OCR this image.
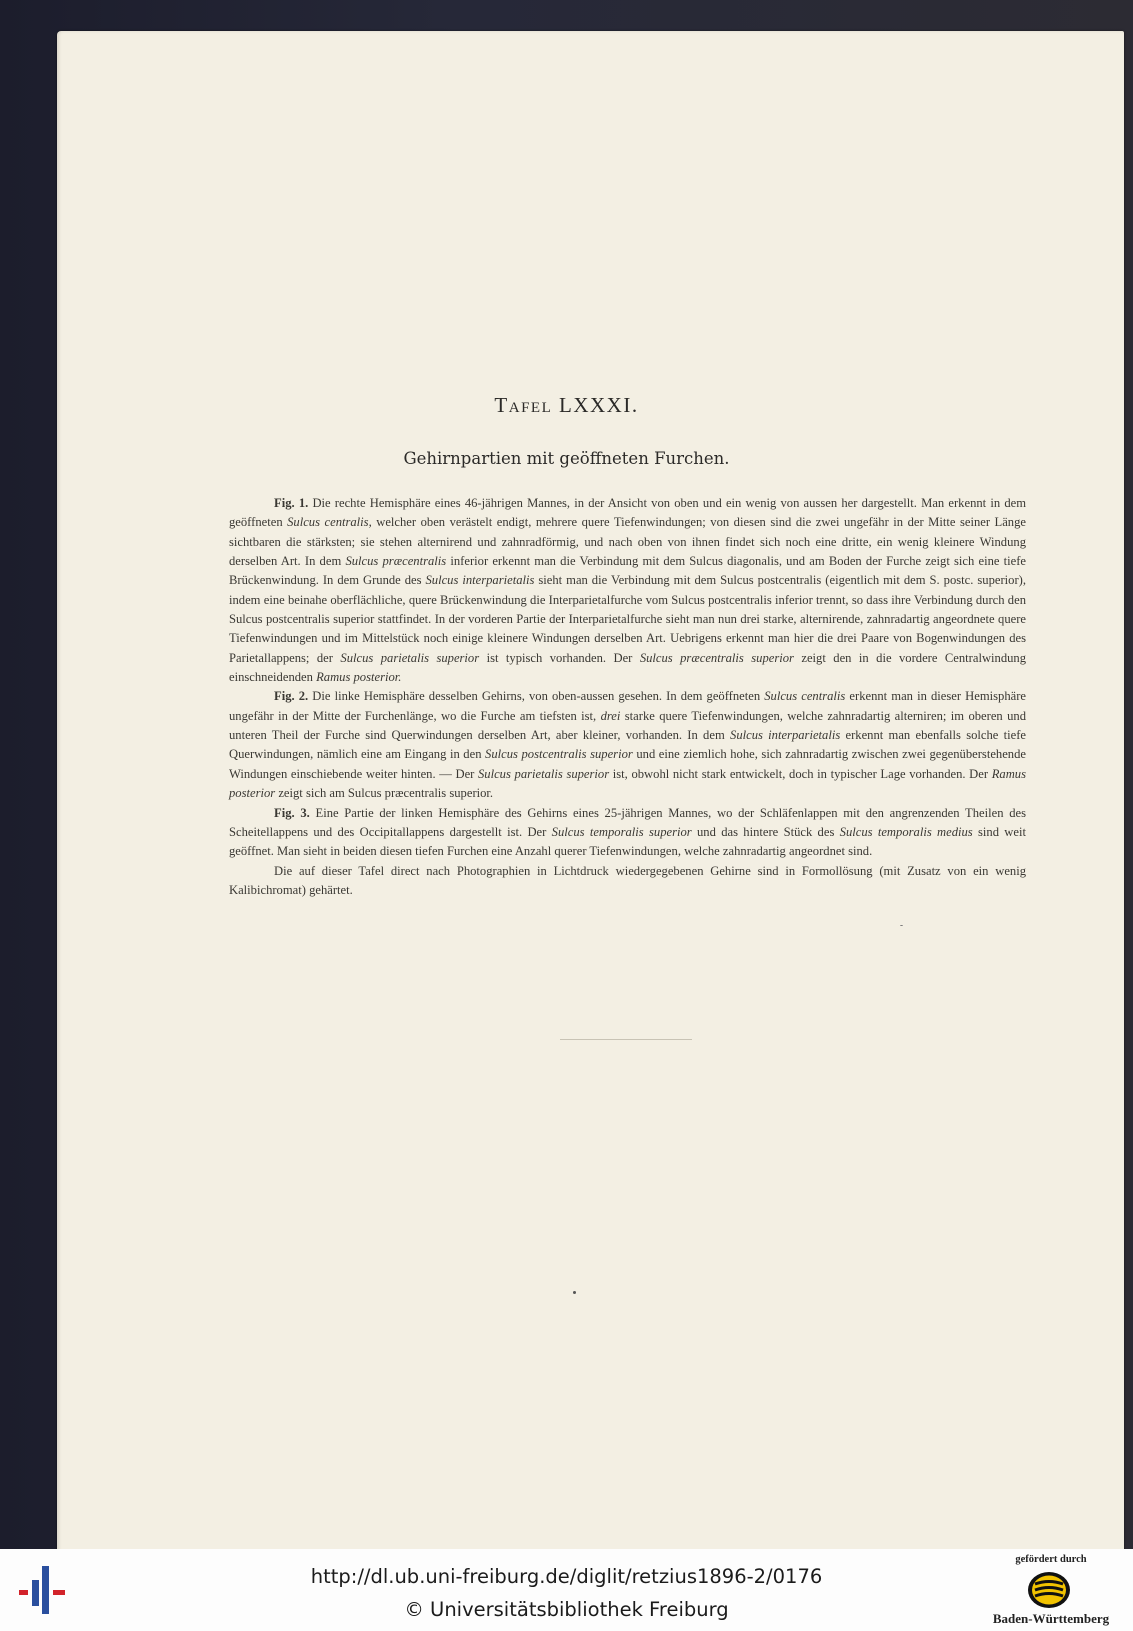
Tafel LXXXI.
Gehirnpartien mit geöffneten Furchen.

Fig. 1. Die rechte Hemisphäre eines 46-jährigen Mannes, in der Ansicht von oben und ein wenig von aussen her dargestellt. Man erkennt in dem geöffneten Sulcus centralis, welcher oben verästelt endigt, mehrere quere Tiefenwindungen; von diesen sind die zwei ungefähr in der Mitte seiner Länge sichtbaren die stärksten; sie stehen alternirend und zahnradförmig, und nach oben von ihnen findet sich noch eine dritte, ein wenig kleinere Windung derselben Art. In dem Sulcus præcentralis inferior erkennt man die Verbindung mit dem Sulcus diagonalis, und am Boden der Furche zeigt sich eine tiefe Brückenwindung. In dem Grunde des Sulcus interparietalis sieht man die Verbindung mit dem Sulcus postcentralis (eigentlich mit dem S. postc. superior), indem eine beinahe oberflächliche, quere Brückenwindung die Interparietalfurche vom Sulcus postcentralis inferior trennt, so dass ihre Verbindung durch den Sulcus postcentralis superior stattfindet. In der vorderen Partie der Interparietalfurche sieht man nun drei starke, alternirende, zahnradartig angeordnete quere Tiefenwindungen und im Mittelstück noch einige kleinere Windungen derselben Art. Uebrigens erkennt man hier die drei Paare von Bogenwindungen des Parietallappens; der Sulcus parietalis superior ist typisch vorhanden. Der Sulcus præcentralis superior zeigt den in die vordere Centralwindung einschneidenden Ramus posterior.

Fig. 2. Die linke Hemisphäre desselben Gehirns, von oben-aussen gesehen. In dem geöffneten Sulcus centralis erkennt man in dieser Hemisphäre ungefähr in der Mitte der Furchenlänge, wo die Furche am tiefsten ist, drei starke quere Tiefenwindungen, welche zahnradartig alterniren; im oberen und unteren Theil der Furche sind Querwindungen derselben Art, aber kleiner, vorhanden. In dem Sulcus interparietalis erkennt man ebenfalls solche tiefe Querwindungen, nämlich eine am Eingang in den Sulcus postcentralis superior und eine ziemlich hohe, sich zahnradartig zwischen zwei gegenüberstehende Windungen einschiebende weiter hinten. — Der Sulcus parietalis superior ist, obwohl nicht stark entwickelt, doch in typischer Lage vorhanden. Der Ramus posterior zeigt sich am Sulcus præcentralis superior.

Fig. 3. Eine Partie der linken Hemisphäre des Gehirns eines 25-jährigen Mannes, wo der Schläfenlappen mit den angrenzenden Theilen des Scheitellappens und des Occipitallappens dargestellt ist. Der Sulcus temporalis superior und das hintere Stück des Sulcus temporalis medius sind weit geöffnet. Man sieht in beiden diesen tiefen Furchen eine Anzahl querer Tiefenwindungen, welche zahnradartig angeordnet sind.

Die auf dieser Tafel direct nach Photographien in Lichtdruck wiedergegebenen Gehirne sind in Formollösung (mit Zusatz von ein wenig Kalibichromat) gehärtet.

http://dl.ub.uni-freiburg.de/diglit/retzius1896-2/0176
© Universitätsbibliothek Freiburg
gefördert durch
Baden-Württemberg
